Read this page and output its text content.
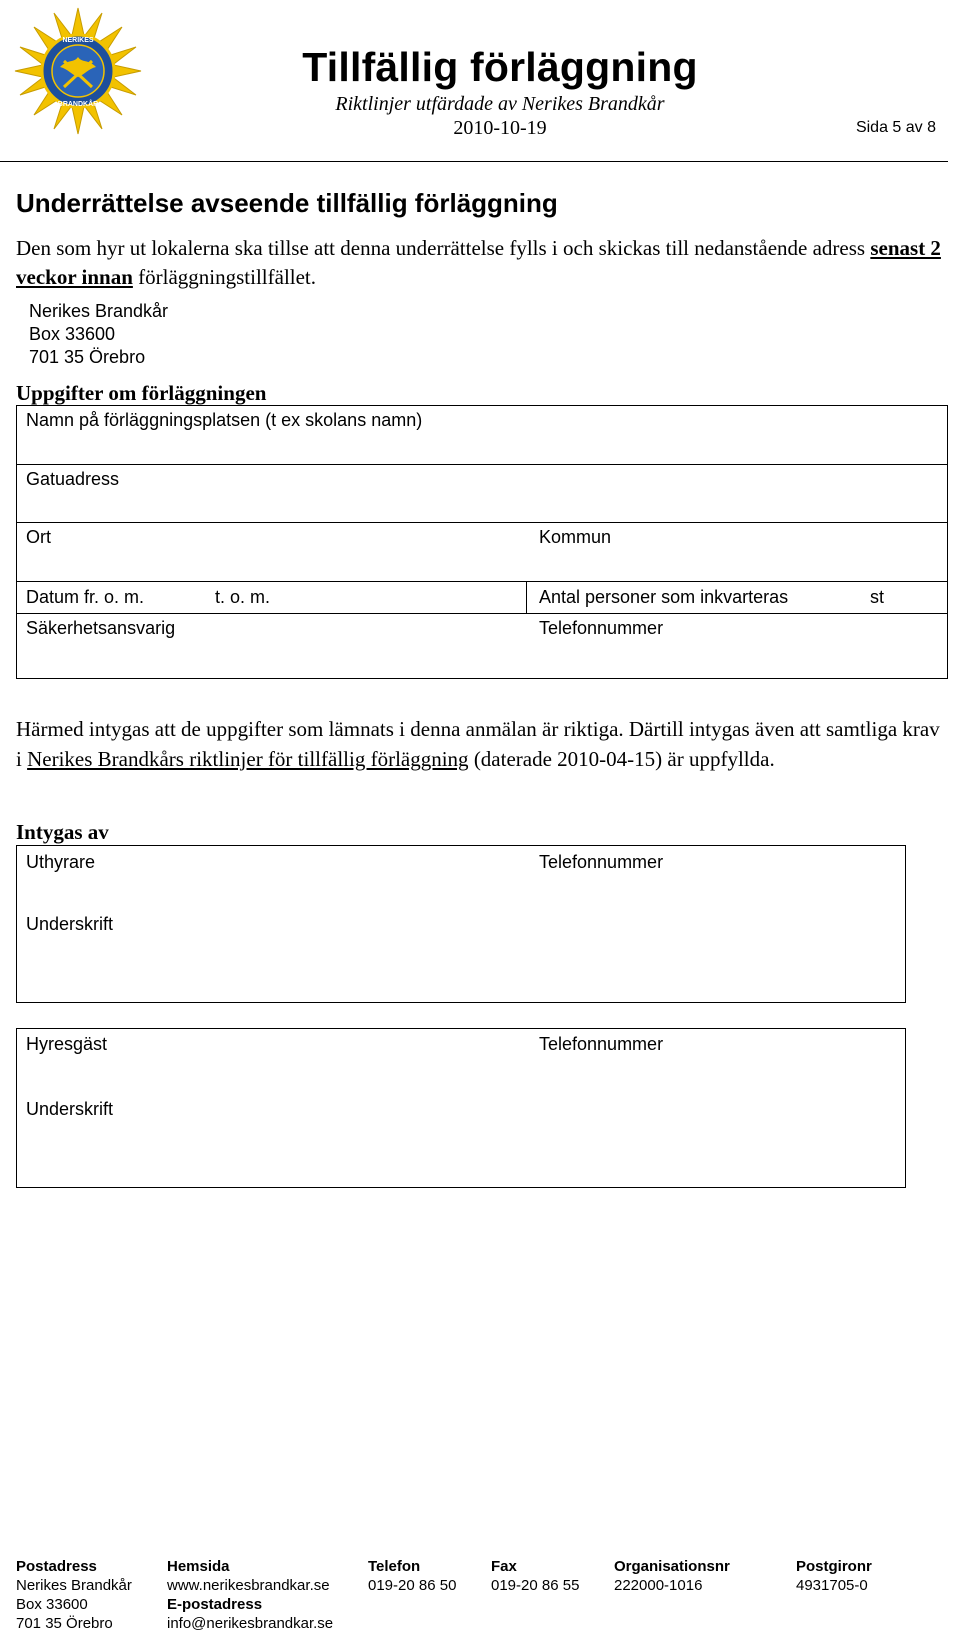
NERIKES
BRANDKÅR
Tillfällig förläggning
Riktlinjer utfärdade av Nerikes Brandkår
2010-10-19	Sida 5 av 8
Underrättelse avseende tillfällig förläggning
Den som hyr ut lokalerna ska tillse att denna underrättelse fylls i och skickas till nedanstående adress senast 2 veckor innan förläggningstillfället.
Nerikes Brandkår
Box 33600
701 35 Örebro
Uppgifter om förläggningen
Namn på förläggningsplatsen (t ex skolans namn)
Gatuadress
Ort	Kommun
Datum fr. o. m.	t. o. m.	Antal personer som inkvarteras	st
Säkerhetsansvarig	Telefonnummer
Härmed intygas att de uppgifter som lämnats i denna anmälan är riktiga. Därtill intygas även att samtliga krav i Nerikes Brandkårs riktlinjer för tillfällig förläggning (daterade 2010-04-15) är uppfyllda.
Intygas av
Uthyrare	Telefonnummer
Underskrift
Hyresgäst	Telefonnummer
Underskrift
Postadress
Nerikes Brandkår
Box 33600
701 35 Örebro
Hemsida
www.nerikesbrandkar.se
E-postadress
info@nerikesbrandkar.se
Telefon
019-20 86 50
Fax
019-20 86 55
Organisationsnr
222000-1016
Postgironr
4931705-0
